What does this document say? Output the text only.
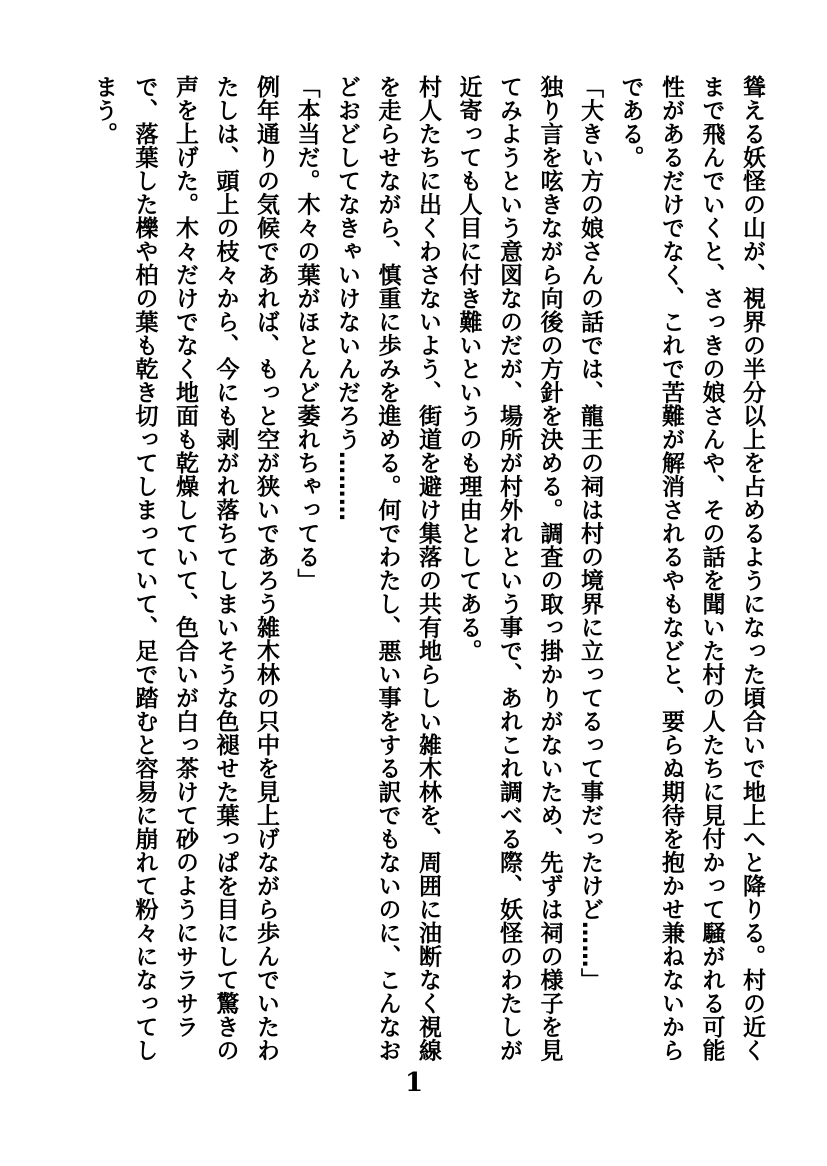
聳える妖怪の山が、視界の半分以上を占めるようになった頃合いで地上へと降りる。村の近くまで飛んでいくと、さっきの娘さんや、その話を聞いた村の人たちに見付かって騒がれる可能性があるだけでなく、これで苦難が解消されるやもなどと、要らぬ期待を抱かせ兼ねないからである。

「大きい方の娘さんの話では、龍王の祠は村の境界に立ってるって事だったけど……」

独り言を呟きながら向後の方針を決める。調査の取っ掛かりがないため、先ずは祠の様子を見てみようという意図なのだが、場所が村外れという事で、あれこれ調べる際、妖怪のわたしが近寄っても人目に付き難いというのも理由としてある。

村人たちに出くわさないよう、街道を避け集落の共有地らしい雑木林を、周囲に油断なく視線を走らせながら、慎重に歩みを進める。何でわたし、悪い事をする訳でもないのに、こんなおどおどしてなきゃいけないんだろう………

「本当だ。木々の葉がほとんど萎れちゃってる」

例年通りの気候であれば、もっと空が狭いであろう雑木林の只中を見上げながら歩んでいたわたしは、頭上の枝々から、今にも剥がれ落ちてしまいそうな色褪せた葉っぱを目にして驚きの声を上げた。木々だけでなく地面も乾燥していて、色合いが白っ茶けて砂のようにサラサラで、落葉した櫟や柏の葉も乾き切ってしまっていて、足で踏むと容易に崩れて粉々になってしまう。

1
